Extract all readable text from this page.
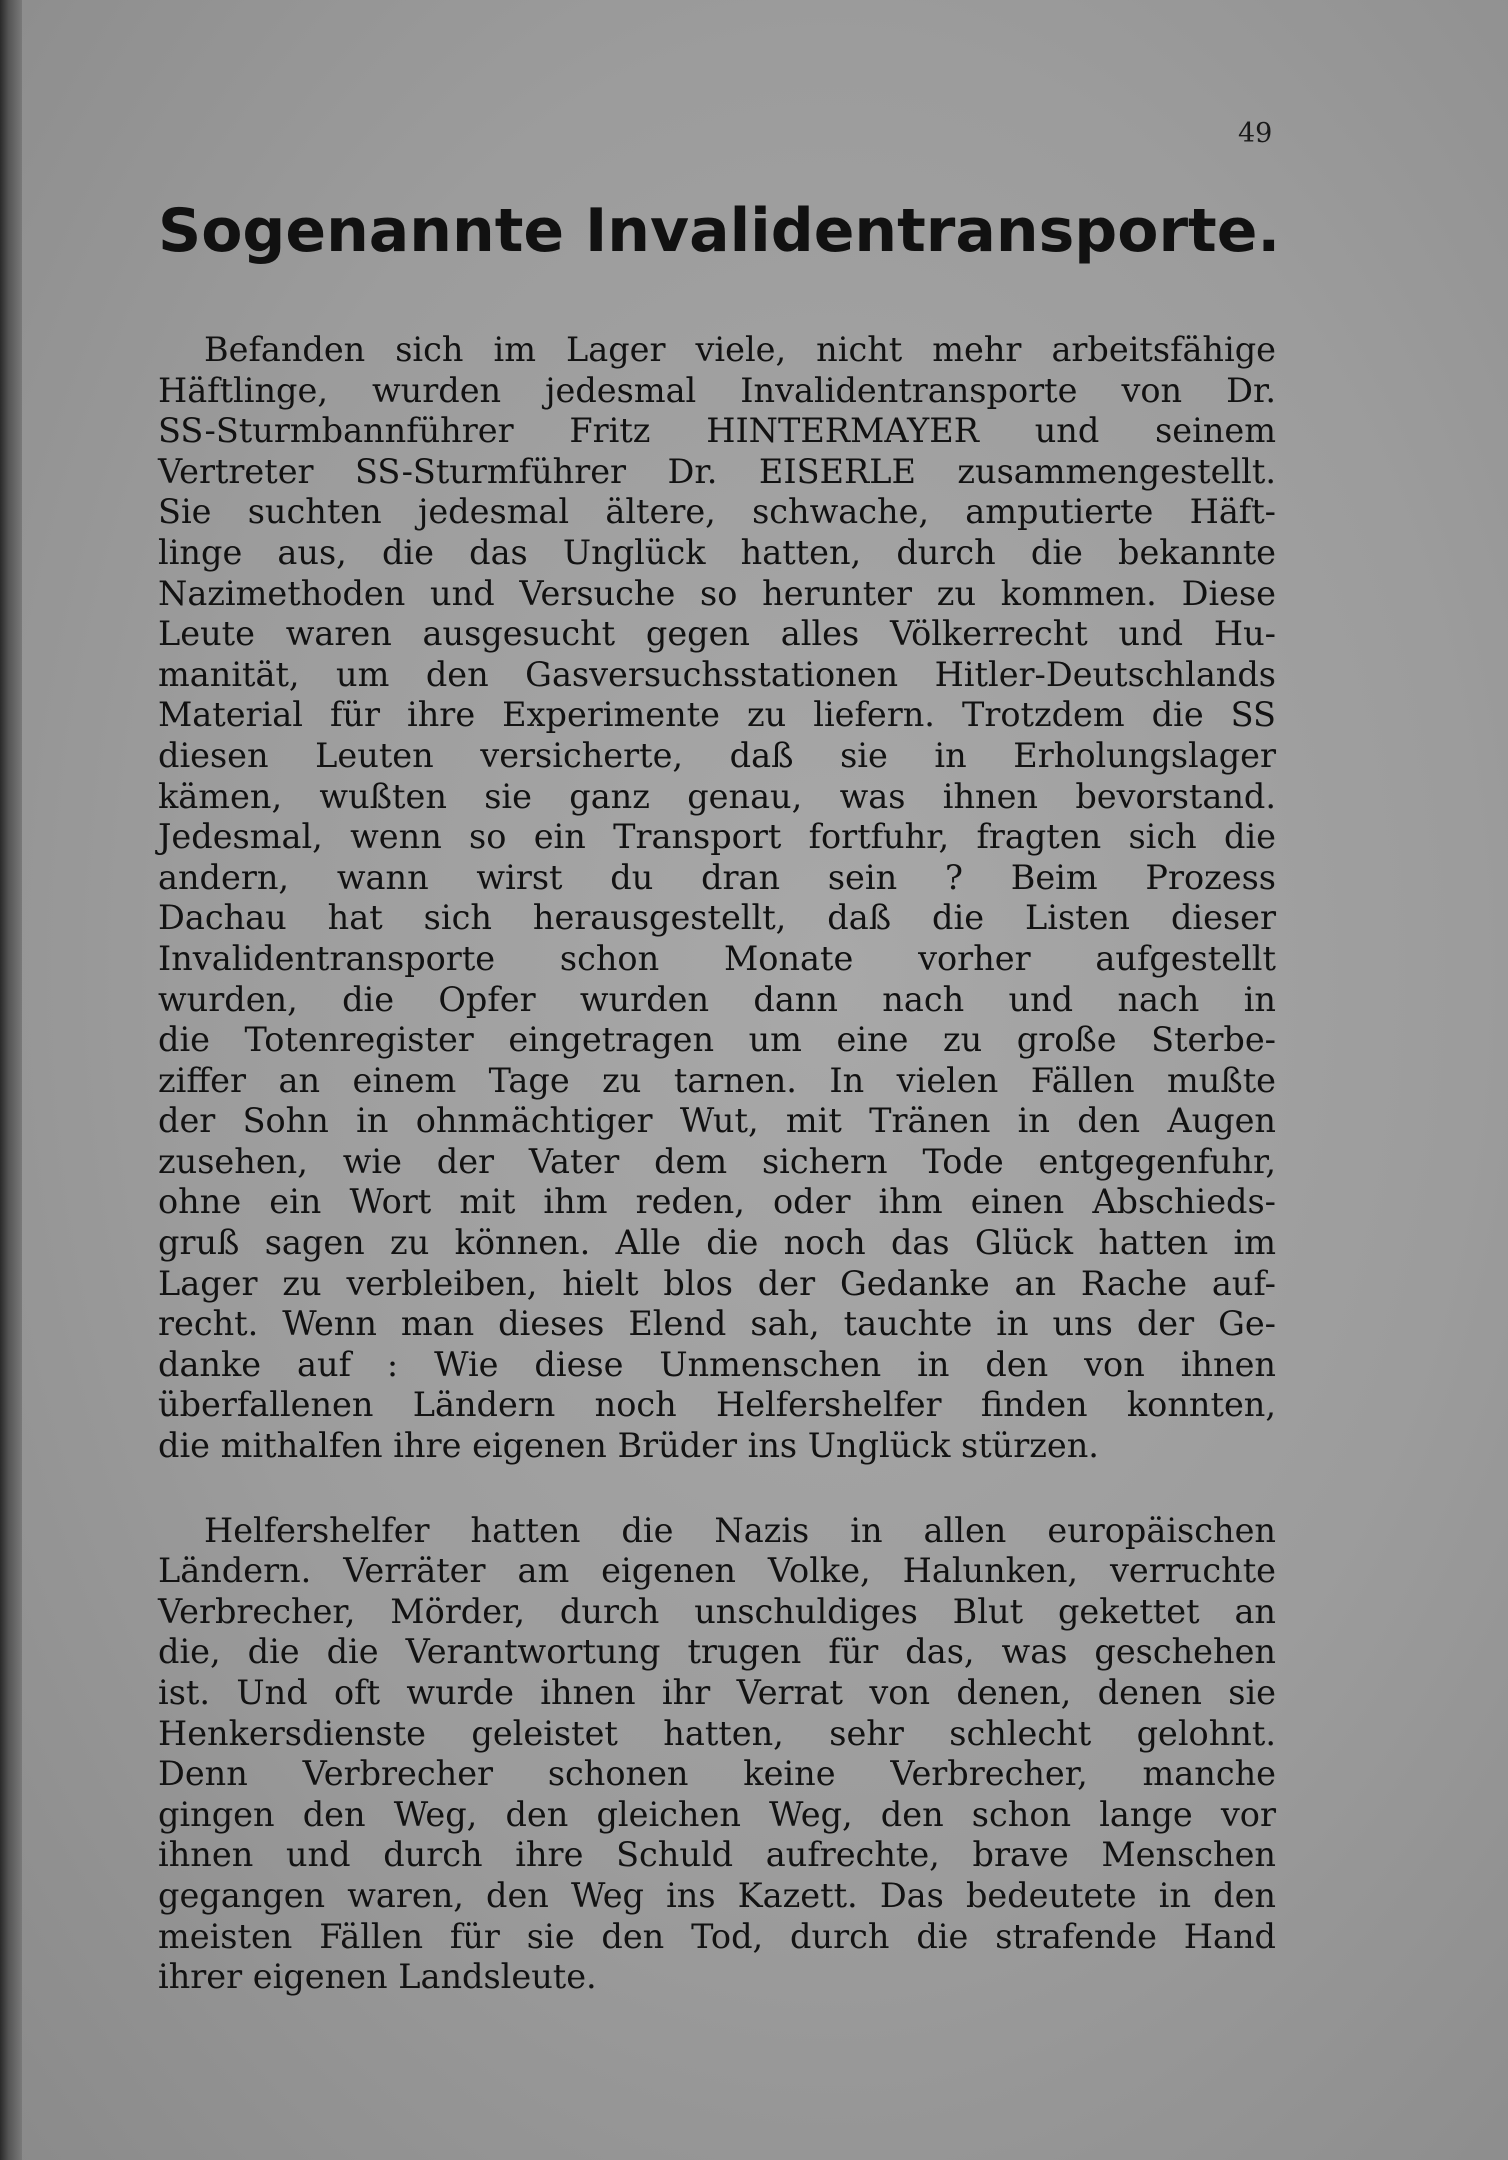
49
Sogenannte Invalidentransporte.
Befanden sich im Lager viele, nicht mehr arbeitsfähige
Häftlinge, wurden jedesmal Invalidentransporte von Dr.
SS-Sturmbannführer Fritz HINTERMAYER und seinem
Vertreter SS-Sturmführer Dr. EISERLE zusammengestellt.
Sie suchten jedesmal ältere, schwache, amputierte Häft-
linge aus, die das Unglück hatten, durch die bekannte
Nazimethoden und Versuche so herunter zu kommen. Diese
Leute waren ausgesucht gegen alles Völkerrecht und Hu-
manität, um den Gasversuchsstationen Hitler-Deutschlands
Material für ihre Experimente zu liefern. Trotzdem die SS
diesen Leuten versicherte, daß sie in Erholungslager
kämen, wußten sie ganz genau, was ihnen bevorstand.
Jedesmal, wenn so ein Transport fortfuhr, fragten sich die
andern, wann wirst du dran sein ? Beim Prozess
Dachau hat sich herausgestellt, daß die Listen dieser
Invalidentransporte schon Monate vorher aufgestellt
wurden, die Opfer wurden dann nach und nach in
die Totenregister eingetragen um eine zu große Sterbe-
ziffer an einem Tage zu tarnen. In vielen Fällen mußte
der Sohn in ohnmächtiger Wut, mit Tränen in den Augen
zusehen, wie der Vater dem sichern Tode entgegenfuhr,
ohne ein Wort mit ihm reden, oder ihm einen Abschieds-
gruß sagen zu können. Alle die noch das Glück hatten im
Lager zu verbleiben, hielt blos der Gedanke an Rache auf-
recht. Wenn man dieses Elend sah, tauchte in uns der Ge-
danke auf : Wie diese Unmenschen in den von ihnen
überfallenen Ländern noch Helfershelfer finden konnten,
die mithalfen ihre eigenen Brüder ins Unglück stürzen.
Helfershelfer hatten die Nazis in allen europäischen
Ländern. Verräter am eigenen Volke, Halunken, verruchte
Verbrecher, Mörder, durch unschuldiges Blut gekettet an
die, die die Verantwortung trugen für das, was geschehen
ist. Und oft wurde ihnen ihr Verrat von denen, denen sie
Henkersdienste geleistet hatten, sehr schlecht gelohnt.
Denn Verbrecher schonen keine Verbrecher, manche
gingen den Weg, den gleichen Weg, den schon lange vor
ihnen und durch ihre Schuld aufrechte, brave Menschen
gegangen waren, den Weg ins Kazett. Das bedeutete in den
meisten Fällen für sie den Tod, durch die strafende Hand
ihrer eigenen Landsleute.
